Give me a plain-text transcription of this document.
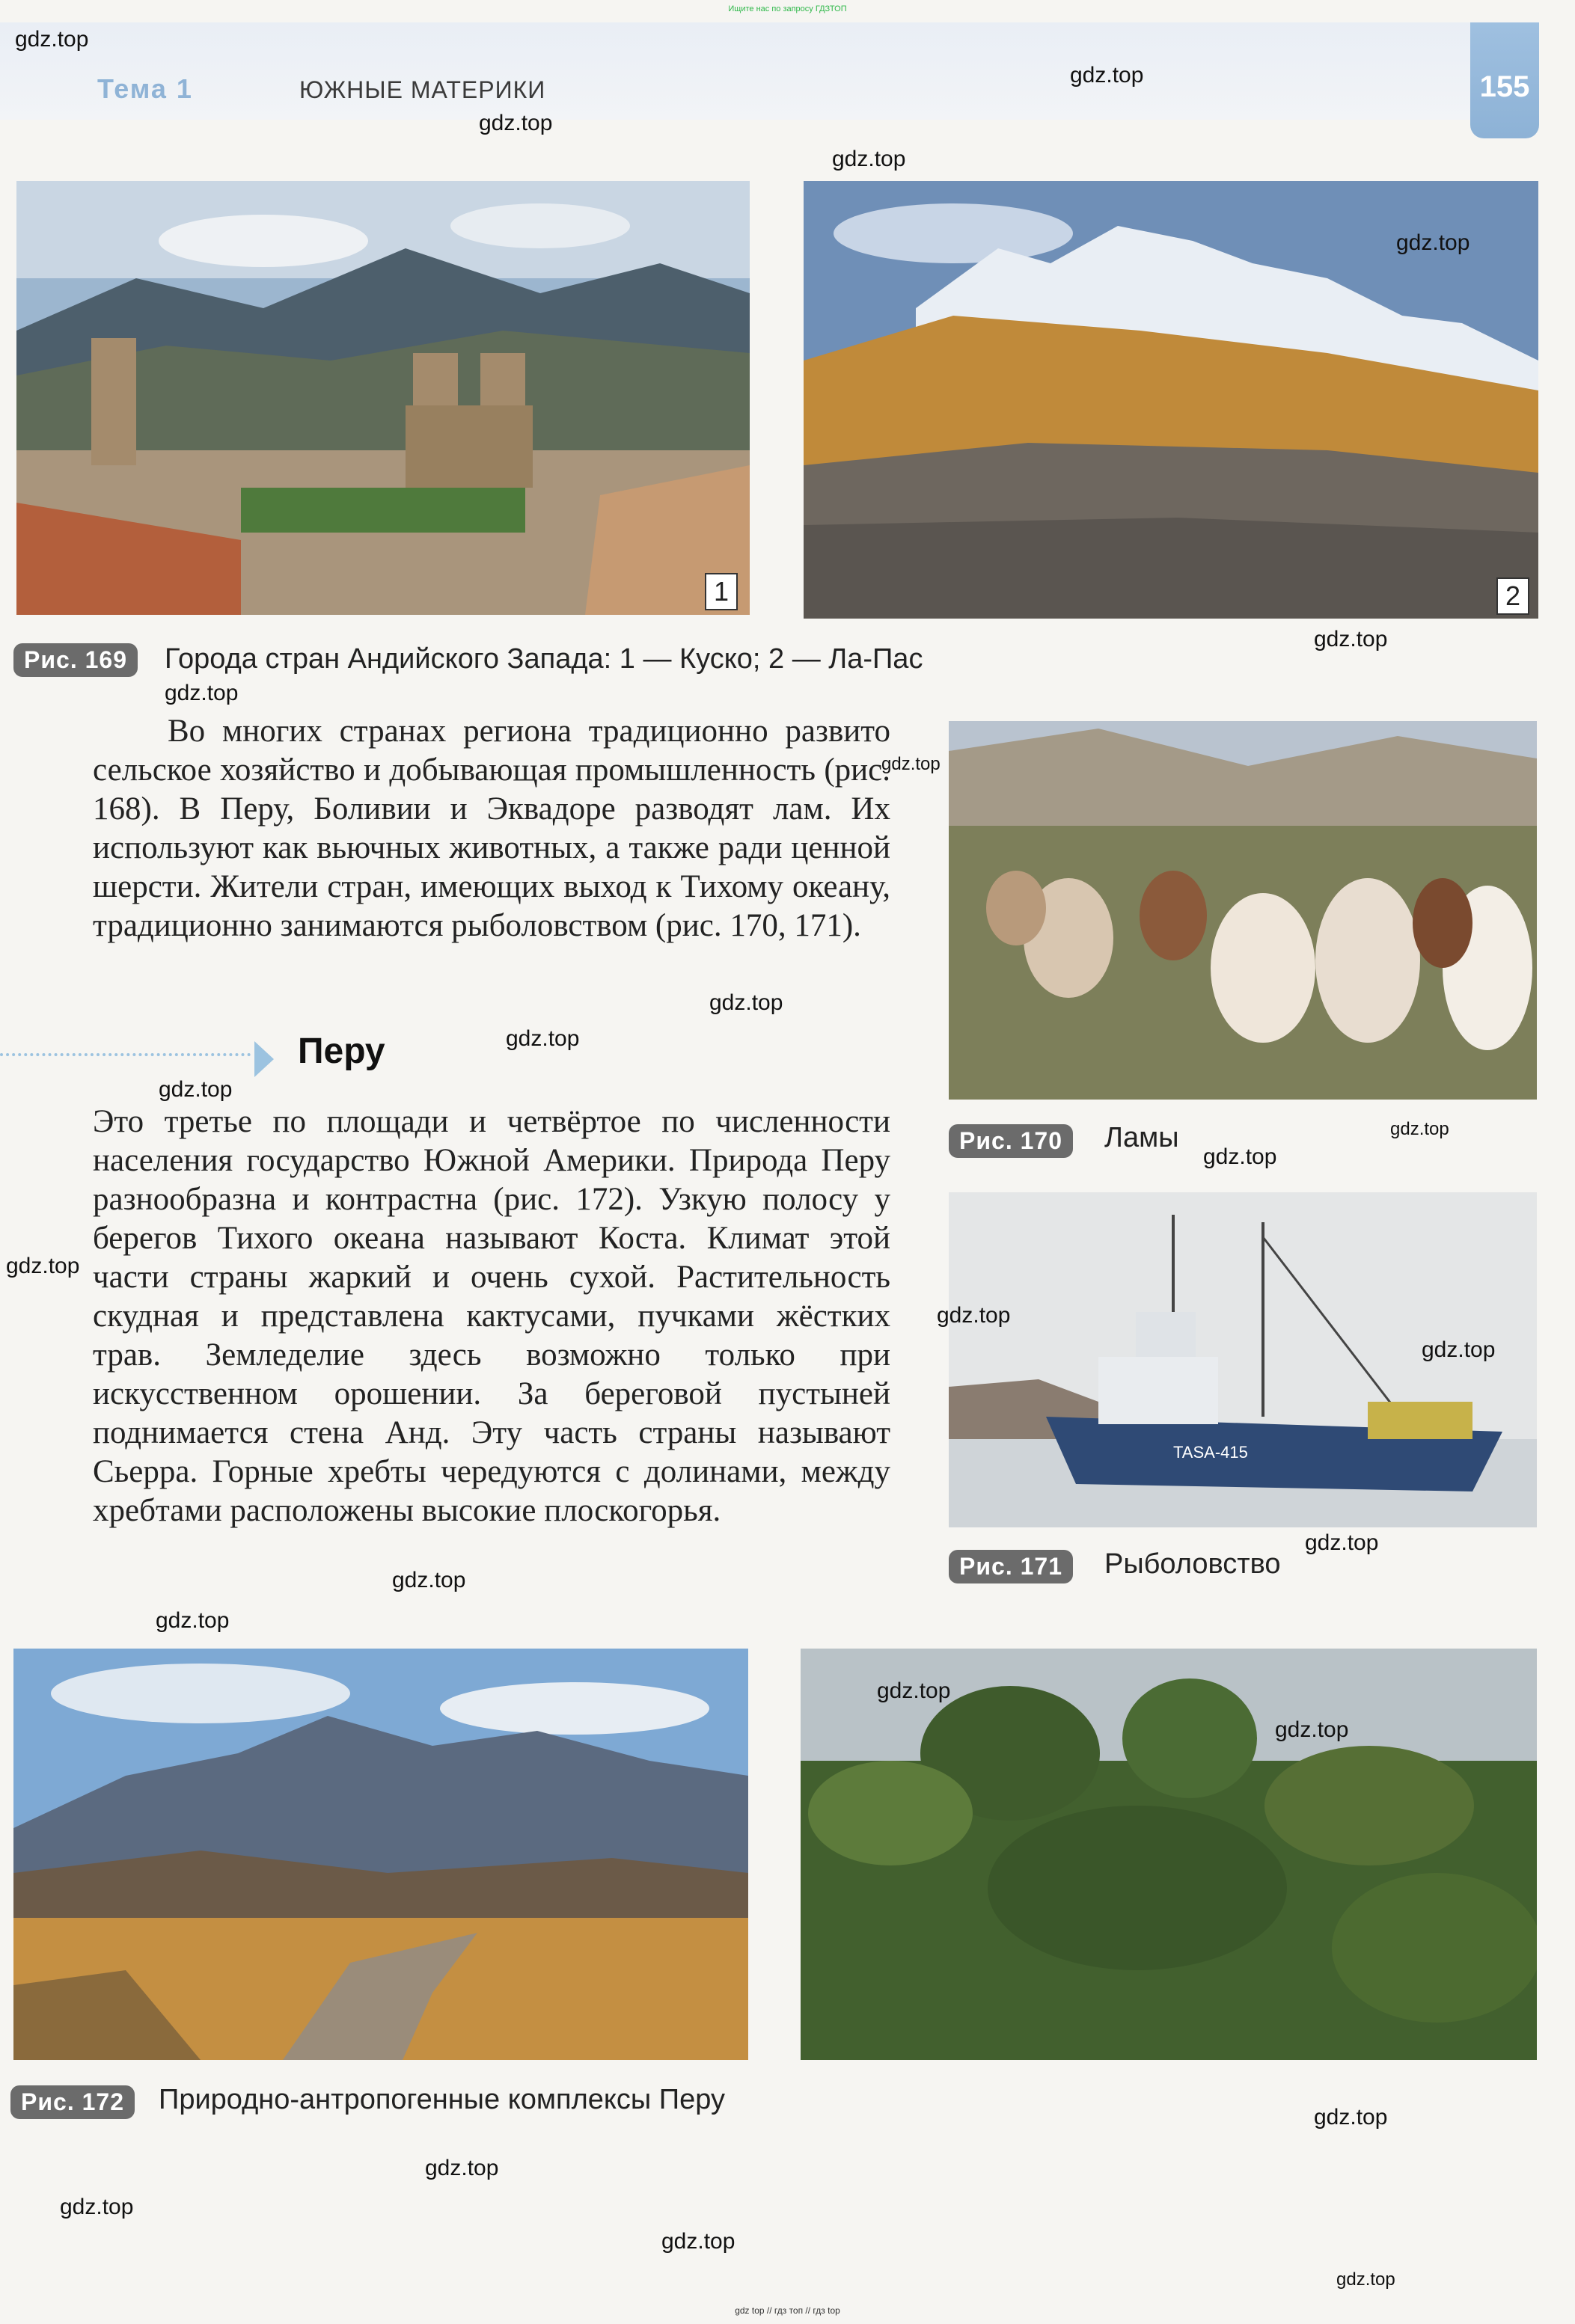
Ищите нас по запросу ГДЗТОП
Тема 1	ЮЖНЫЕ МАТЕРИКИ	155
1	2
Рис. 169	Города стран Андийского Запада: 1 — Куско; 2 — Ла-Пас
Во многих странах региона традиционно развито сельское хозяйство и добывающая промышленность (рис. 168). В Перу, Боливии и Эквадоре разводят лам. Их используют как вьючных животных, а также ради ценной шерсти. Жители стран, имеющих выход к Тихому океану, традиционно занимаются рыболовством (рис. 170, 171).
Перу
Это третье по площади и четвёртое по численности населения государство Южной Америки. Природа Перу разнообразна и контрастна (рис. 172). Узкую полосу у берегов Тихого океана называют Коста. Климат этой части страны жаркий и очень сухой. Растительность скудная и представлена кактусами, пучками жёстких трав. Земледелие здесь возможно только при искусственном орошении. За береговой пустыней поднимается стена Анд. Эту часть страны называют Сьерра. Горные хребты чередуются с долинами, между хребтами расположены высокие плоскогорья.
Рис. 170	Ламы
TASA-415
Рис. 171	Рыболовство
Рис. 172	Природно-антропогенные комплексы Перу
gdz.top
gdz.top
gdz.top
gdz.top
gdz.top
gdz.top
gdz.top
gdz.top
gdz.top
gdz.top
gdz.top
gdz.top
gdz.top
gdz.top
gdz.top
gdz.top
gdz.top
gdz.top
gdz.top
gdz.top
gdz.top
gdz.top
gdz.top
gdz.top
gdz.top
gdz.top
gdz top // гдз топ // гдз top
